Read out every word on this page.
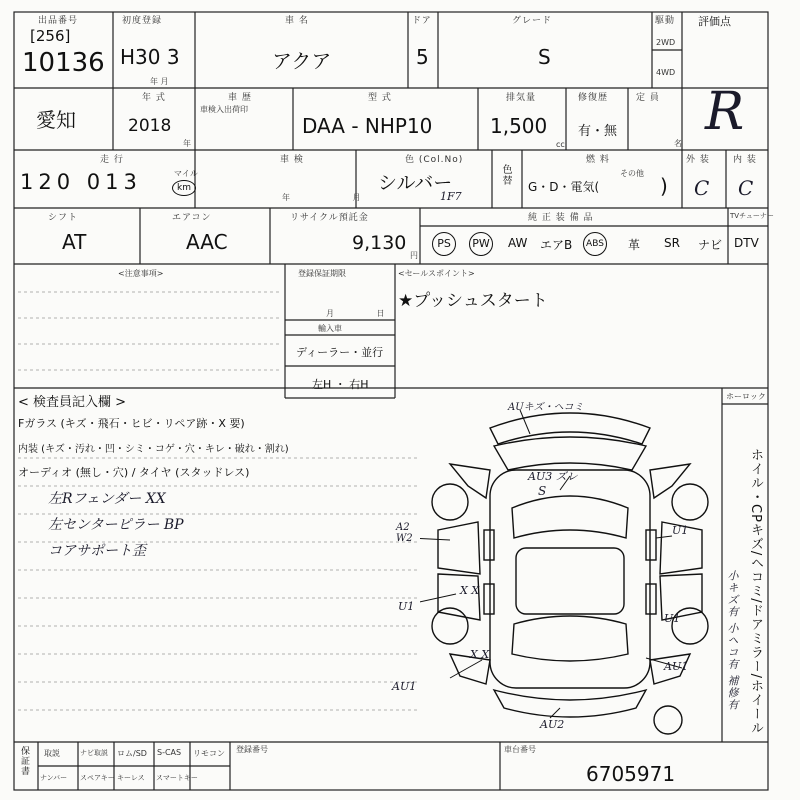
出品番号
[256]
10136
初度登録
H30 3
年 月
車 名
アクア
ドア
5
グレード
S
駆動
2WD
4WD
評価点
R
愛知
年 式
2018
年
車 歴
車検入出荷印
型 式
DAA - NHP10
排気量
1,500
cc
修復歴
有・無
定 員
名
走 行
120 013	マイル
km
車 検
年 月
色 (Col.No)
シルバー
1F7
色替
燃 料
G・D・電気(
その他
)
外 装
C
内 装
C
シフト
AT
エアコン
AAC
リサイクル預託金
9,130
円
純 正 装 備 品	TVチューナー
PS	PW AW エアB	ABS 革 SR ナビ DTV
<注意事項>	登録保証期限
月 日
輸入車
ディーラー・並行
左H ・ 右H
<セールスポイント>
★プッシュスタート
< 検査員記入欄 >
Fガラス (キズ・飛石・ヒビ・リペア跡・X 要)
内装 (キズ・汚れ・凹・シミ・コゲ・穴・キレ・破れ・割れ)
オーディオ (無し・穴) / タイヤ (スタッドレス)
左Rフェンダー XX
左センターピラー BP
コアサポート歪
AUキズ・ヘコミ
AU3 ズレ
S
A2 W2
U1
U1
X X
X X
AU1
AU1
U1
AU2
ホーロック
ホイル・CPキズ/ヘコミ/ドアミラー/ホイール
小キズ有 小ヘコ有 補修有
保証書 取説	ナビ取説 ロム/SD S-CAS リモコン
ナンバー スペアキー キーレス スマートキー
登録番号	車台番号
6705971
